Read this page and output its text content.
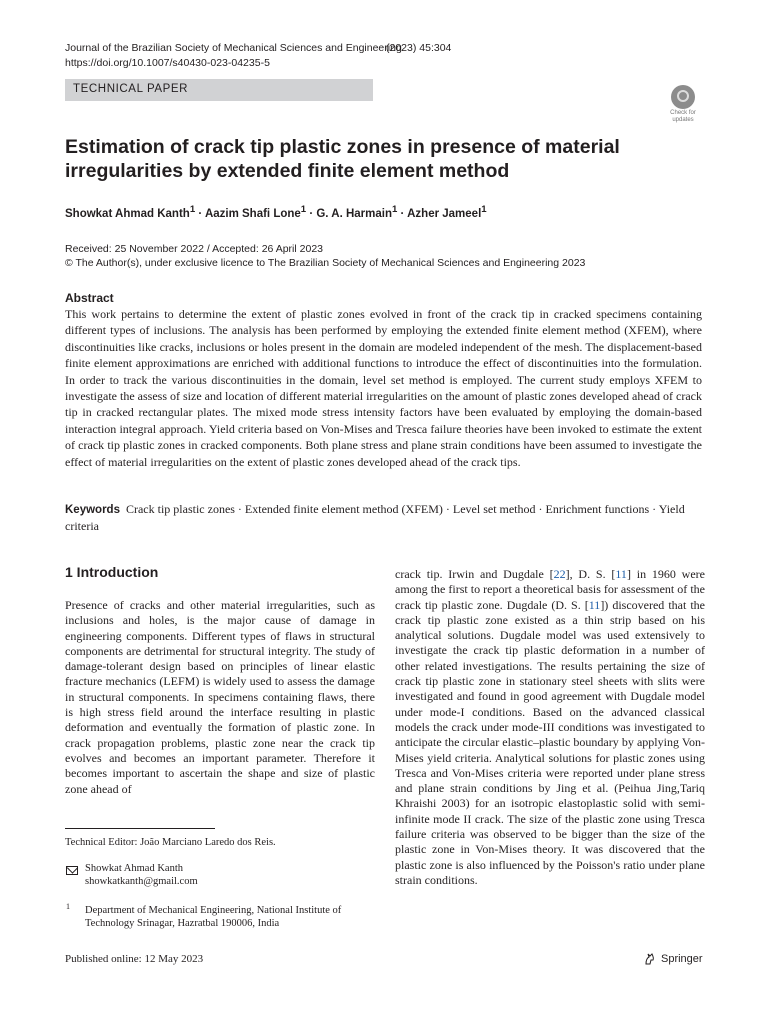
Journal of the Brazilian Society of Mechanical Sciences and Engineering
https://doi.org/10.1007/s40430-023-04235-5
(2023) 45:304
TECHNICAL PAPER
Check for
updates
Estimation of crack tip plastic zones in presence of material irregularities by extended finite element method
Showkat Ahmad Kanth$^1$ · Aazim Shafi Lone$^1$ · G. A. Harmain$^1$ · Azher Jameel$^1$
Received: 25 November 2022 / Accepted: 26 April 2023
© The Author(s), under exclusive licence to The Brazilian Society of Mechanical Sciences and Engineering 2023
Abstract
This work pertains to determine the extent of plastic zones evolved in front of the crack tip in cracked specimens containing different types of inclusions. The analysis has been performed by employing the extended finite element method (XFEM), where discontinuities like cracks, inclusions or holes present in the domain are modeled independent of the mesh. The displacement-based finite element approximations are enriched with additional functions to introduce the effect of discontinuities into the formulation. In order to track the various discontinuities in the domain, level set method is employed. The current study employs XFEM to investigate the assess of size and location of different material irregularities on the amount of plastic zones developed ahead of crack tip in cracked rectangular plates. The mixed mode stress intensity factors have been evaluated by employing the domain-based interaction integral approach. Yield criteria based on Von-Mises and Tresca failure theories have been invoked to estimate the extent of crack tip plastic zones in cracked components. Both plane stress and plane strain conditions have been assumed to investigate the effect of material irregularities on the extent of plastic zones developed ahead of the crack tips.
Keywords Crack tip plastic zones · Extended finite element method (XFEM) · Level set method · Enrichment functions · Yield criteria
1 Introduction
Presence of cracks and other material irregularities, such as inclusions and holes, is the major cause of damage in engineering components. Different types of flaws in structural components are detrimental for structural integrity. The study of damage-tolerant design based on principles of linear elastic fracture mechanics (LEFM) is widely used to assess the damage in structural components. In specimens containing flaws, there is high stress field around the interface resulting in plastic deformation and eventually the formation of plastic zone. In crack propagation problems, plastic zone near the crack tip evolves and becomes an important parameter. Therefore it becomes important to ascertain the shape and size of plastic zone ahead of
crack tip. Irwin and Dugdale [22], D. S. [11] in 1960 were among the first to report a theoretical basis for assessment of the crack tip plastic zone. Dugdale (D. S. [11]) discovered that the crack tip plastic zone existed as a thin strip based on his analytical solutions. Dugdale model was used extensively to investigate the crack tip plastic deformation in a number of other related investigations. The results pertaining the size of crack tip plastic zone in stationary steel sheets with slits were investigated and found in good agreement with Dugdale model under mode-I conditions. Based on the advanced classical models the crack under mode-III conditions was investigated to anticipate the circular elastic–plastic boundary by applying Von-Mises yield criteria. Analytical solutions for plastic zones using Tresca and Von-Mises criteria were reported under plane stress and plane strain conditions by Jing et al. (Peihua Jing,Tariq Khraishi 2003) for an isotropic elastoplastic solid with semi-infinite mode II crack. The size of the plastic zone using Tresca failure criteria was observed to be bigger than the size of the plastic zone in Von-Mises theory. It was discovered that the plastic zone is also influenced by the Poisson's ratio under plane strain conditions.
Technical Editor: João Marciano Laredo dos Reis.
Showkat Ahmad Kanth
showkatkanth@gmail.com
1 Department of Mechanical Engineering, National Institute of Technology Srinagar, Hazratbal 190006, India
Published online: 12 May 2023	Springer
